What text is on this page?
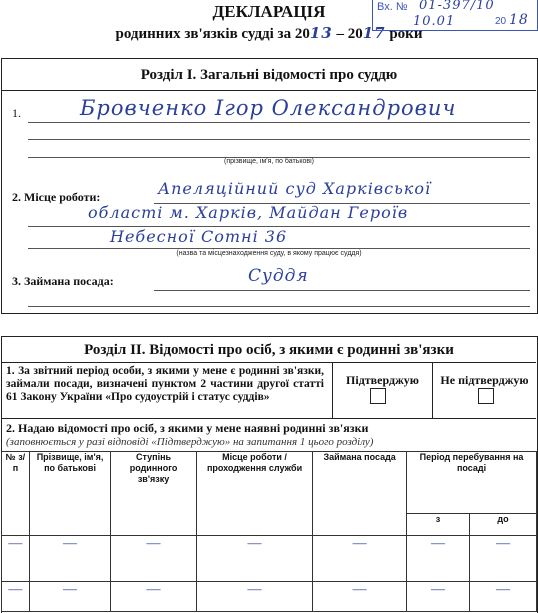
ДЕКЛАРАЦІЯ
родинних зв'язків судді за 2013 – 2017 роки
Вх. № 01-397/10
10.01	20 18
Розділ І. Загальні відомості про суддю
1.	Бровченко Ігор Олександрович
(прізвище, ім'я, по батькові)
2. Місце роботи:	Апеляційний суд Харківської
області м. Харків, Майдан Героїв
Небесної Сотні 36
(назва та місцезнаходження суду, в якому працює суддя)
3. Займана посада:	Суддя
Розділ ІІ. Відомості про осіб, з якими є родинні зв'язки
1. За звітний період особи, з якими у мене є родинні зв'язки, займали посади, визначені пунктом 2 частини другої статті 61 Закону України «Про судоустрій і статус суддів»
Підтверджую	Не підтверджую
2. Надаю відомості про осіб, з якими у мене наявні родинні зв'язки
(заповнюється у разі відповіді «Підтверджую» на запитання 1 цього розділу)
№ з/п	Прізвище, ім'я, по батькові	Ступінь родинного зв'язку	Місце роботи /проходження служби	Займана посада	Період перебування на посаді	
					з	до
—	—	—	—	—	—	—
—	—	—	—	—	—	—
